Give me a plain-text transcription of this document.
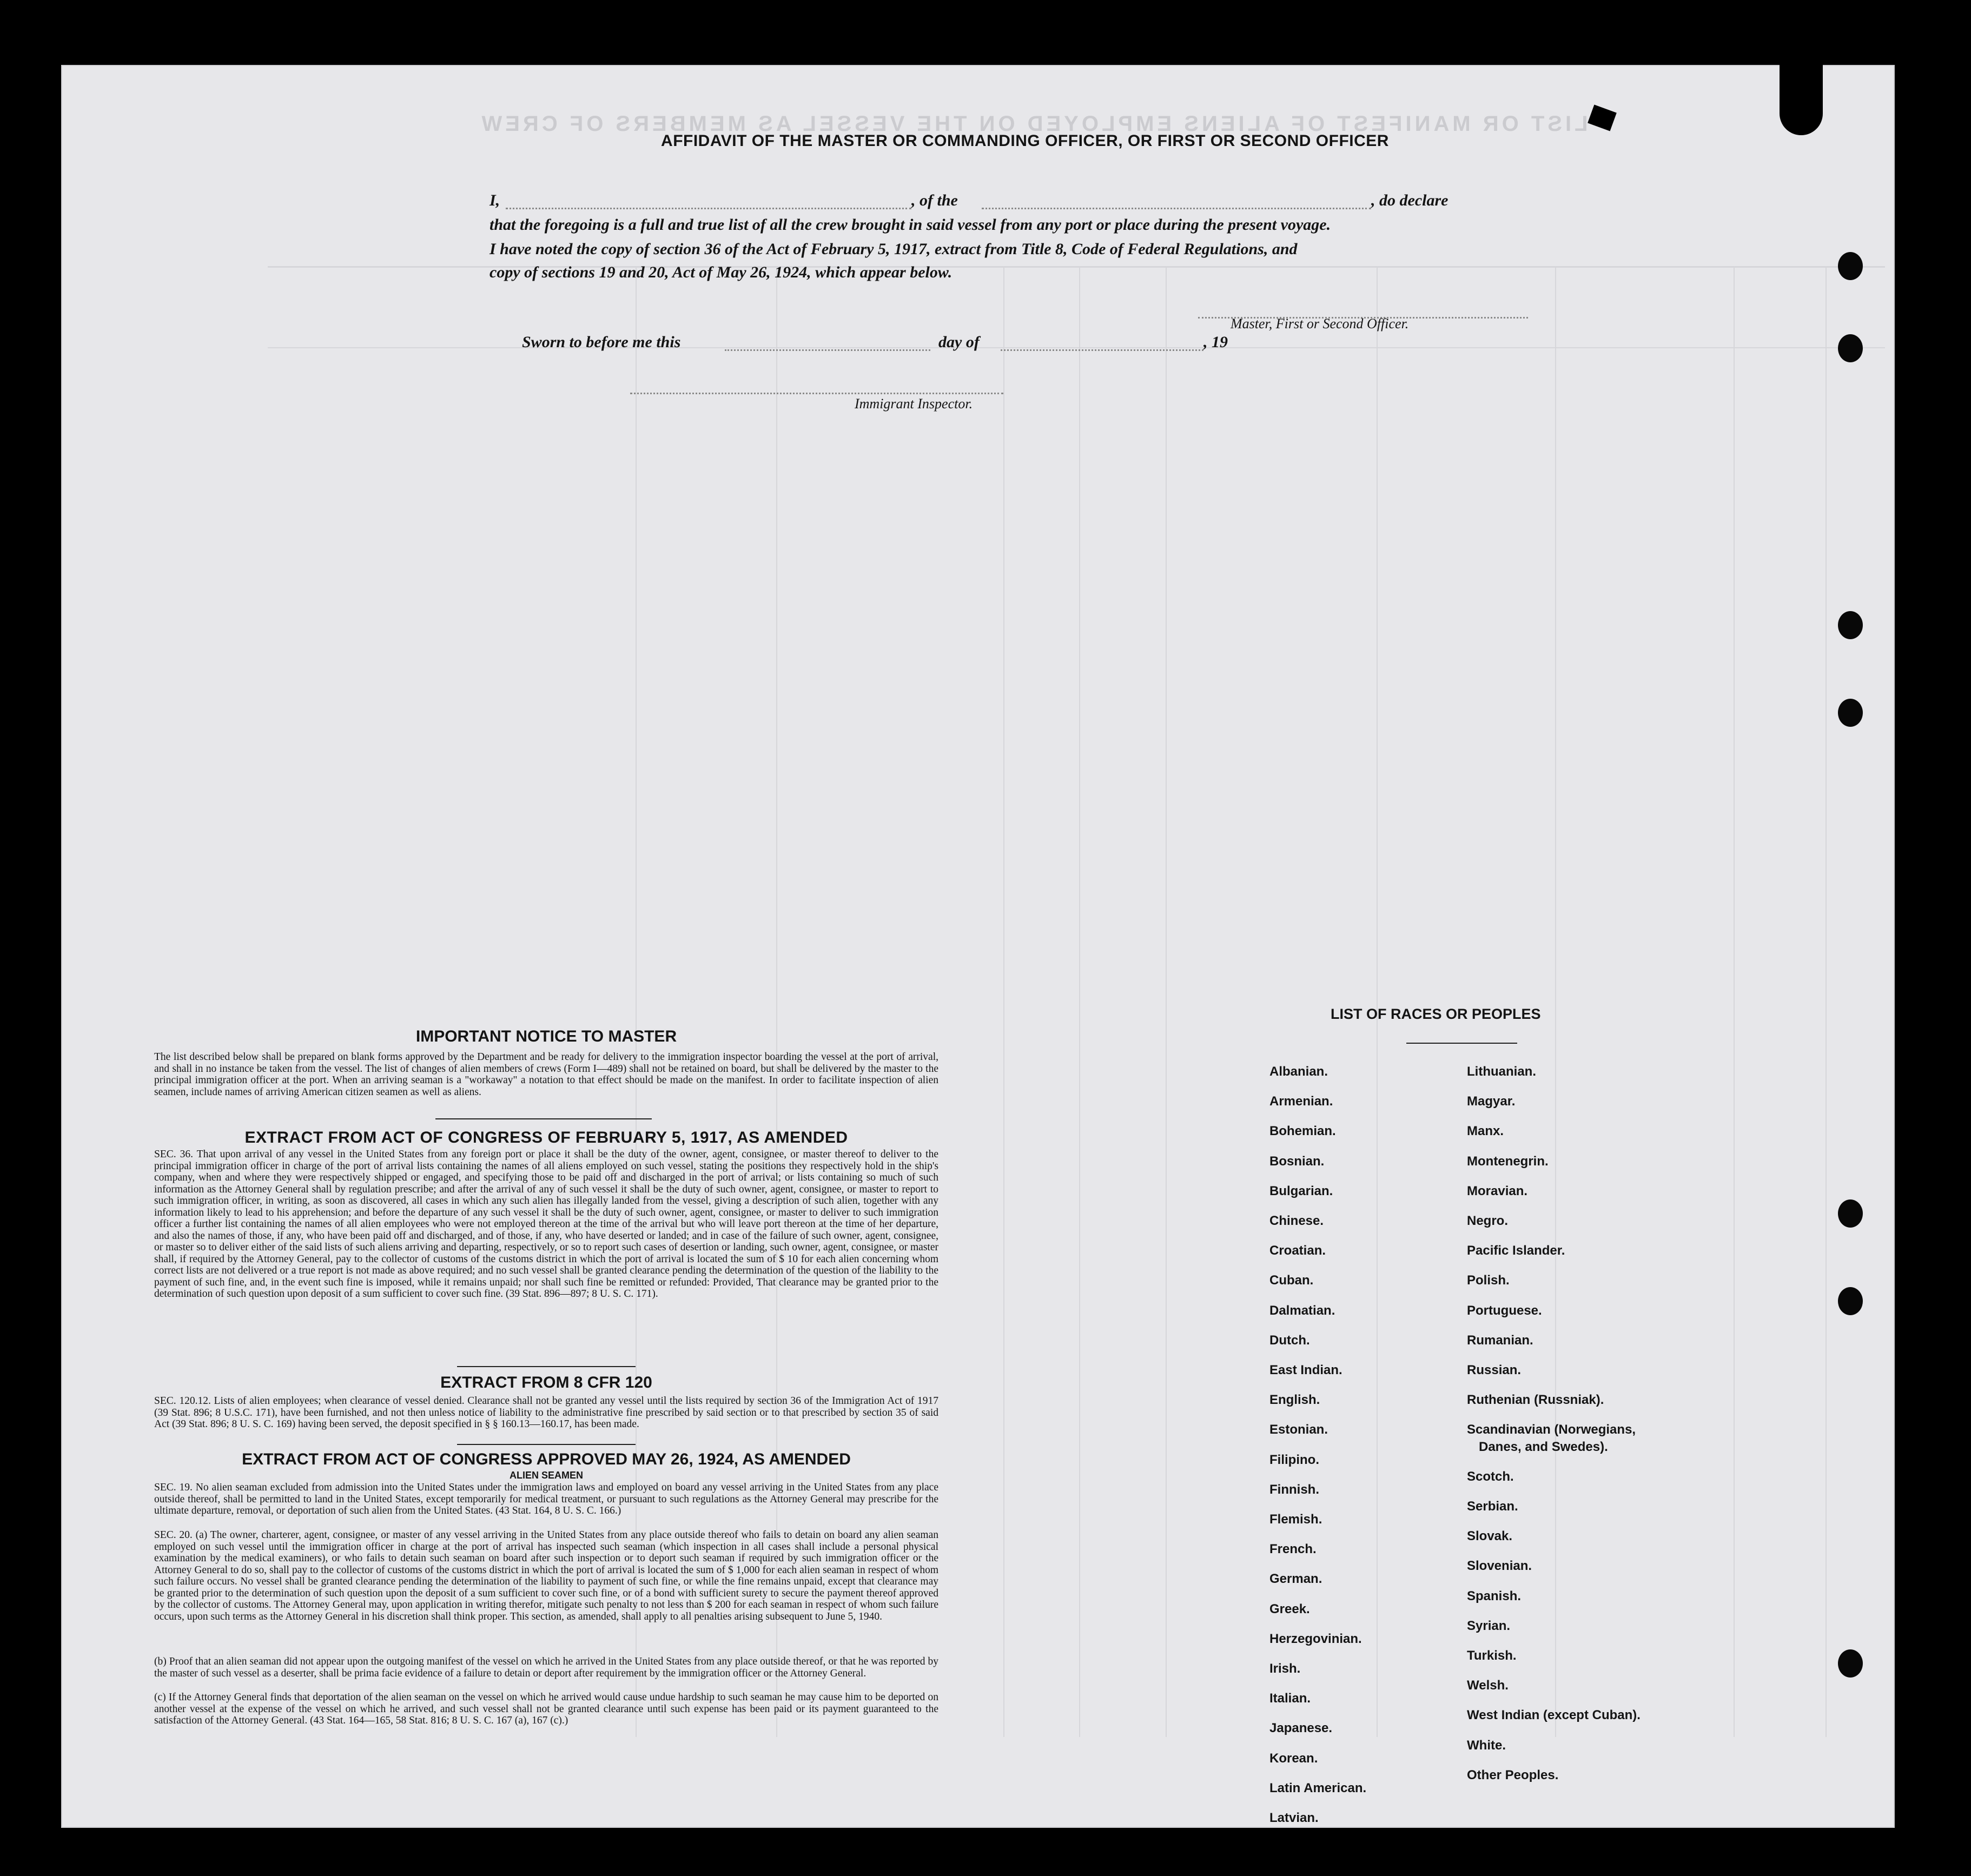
LIST OR MANIFEST OF ALIENS EMPLOYED ON THE VESSEL AS MEMBERS OF CREW
AFFIDAVIT OF THE MASTER OR COMMANDING OFFICER, OR FIRST OR SECOND OFFICER
I,	, of the	, do declare
that the foregoing is a full and true list of all the crew brought in said vessel from any port or place during the present voyage.
I have noted the copy of section 36 of the Act of February 5, 1917, extract from Title 8, Code of Federal Regulations, and
copy of sections 19 and 20, Act of May 26, 1924, which appear below.
Master, First or Second Officer.
Sworn to before me this	day of	, 19
Immigrant Inspector.
IMPORTANT NOTICE TO MASTER
The list described below shall be prepared on blank forms approved by the Department and be ready for delivery to the immigration inspector boarding the vessel at the port of arrival, and shall in no instance be taken from the vessel. The list of changes of alien members of crews (Form I—489) shall not be retained on board, but shall be delivered by the master to the principal immigration officer at the port. When an arriving seaman is a "workaway" a notation to that effect should be made on the manifest. In order to facilitate inspection of alien seamen, include names of arriving American citizen seamen as well as aliens.
EXTRACT FROM ACT OF CONGRESS OF FEBRUARY 5, 1917, AS AMENDED
SEC. 36. That upon arrival of any vessel in the United States from any foreign port or place it shall be the duty of the owner, agent, consignee, or master thereof to deliver to the principal immigration officer in charge of the port of arrival lists containing the names of all aliens employed on such vessel, stating the positions they respectively hold in the ship's company, when and where they were respectively shipped or engaged, and specifying those to be paid off and discharged in the port of arrival; or lists containing so much of such information as the Attorney General shall by regulation prescribe; and after the arrival of any of such vessel it shall be the duty of such owner, agent, consignee, or master to report to such immigration officer, in writing, as soon as discovered, all cases in which any such alien has illegally landed from the vessel, giving a description of such alien, together with any information likely to lead to his apprehension; and before the departure of any such vessel it shall be the duty of such owner, agent, consignee, or master to deliver to such immigration officer a further list containing the names of all alien employees who were not employed thereon at the time of the arrival but who will leave port thereon at the time of her departure, and also the names of those, if any, who have been paid off and discharged, and of those, if any, who have deserted or landed; and in case of the failure of such owner, agent, consignee, or master so to deliver either of the said lists of such aliens arriving and departing, respectively, or so to report such cases of desertion or landing, such owner, agent, consignee, or master shall, if required by the Attorney General, pay to the collector of customs of the customs district in which the port of arrival is located the sum of $ 10 for each alien concerning whom correct lists are not delivered or a true report is not made as above required; and no such vessel shall be granted clearance pending the determination of the question of the liability to the payment of such fine, and, in the event such fine is imposed, while it remains unpaid; nor shall such fine be remitted or refunded: Provided, That clearance may be granted prior to the determination of such question upon deposit of a sum sufficient to cover such fine. (39 Stat. 896—897; 8 U. S. C. 171).
EXTRACT FROM 8 CFR 120
SEC. 120.12. Lists of alien employees; when clearance of vessel denied. Clearance shall not be granted any vessel until the lists required by section 36 of the Immigration Act of 1917 (39 Stat. 896; 8 U.S.C. 171), have been furnished, and not then unless notice of liability to the administrative fine prescribed by said section or to that prescribed by section 35 of said Act (39 Stat. 896; 8 U. S. C. 169) having been served, the deposit specified in § § 160.13—160.17, has been made.
EXTRACT FROM ACT OF CONGRESS APPROVED MAY 26, 1924, AS AMENDED
ALIEN SEAMEN
SEC. 19. No alien seaman excluded from admission into the United States under the immigration laws and employed on board any vessel arriving in the United States from any place outside thereof, shall be permitted to land in the United States, except temporarily for medical treatment, or pursuant to such regulations as the Attorney General may prescribe for the ultimate departure, removal, or deportation of such alien from the United States. (43 Stat. 164, 8 U. S. C. 166.)
SEC. 20. (a) The owner, charterer, agent, consignee, or master of any vessel arriving in the United States from any place outside thereof who fails to detain on board any alien seaman employed on such vessel until the immigration officer in charge at the port of arrival has inspected such seaman (which inspection in all cases shall include a personal physical examination by the medical examiners), or who fails to detain such seaman on board after such inspection or to deport such seaman if required by such immigration officer or the Attorney General to do so, shall pay to the collector of customs of the customs district in which the port of arrival is located the sum of $ 1,000 for each alien seaman in respect of whom such failure occurs. No vessel shall be granted clearance pending the determination of the liability to payment of such fine, or while the fine remains unpaid, except that clearance may be granted prior to the determination of such question upon the deposit of a sum sufficient to cover such fine, or of a bond with sufficient surety to secure the payment thereof approved by the collector of customs. The Attorney General may, upon application in writing therefor, mitigate such penalty to not less than $ 200 for each seaman in respect of whom such failure occurs, upon such terms as the Attorney General in his discretion shall think proper. This section, as amended, shall apply to all penalties arising subsequent to June 5, 1940.
(b) Proof that an alien seaman did not appear upon the outgoing manifest of the vessel on which he arrived in the United States from any place outside thereof, or that he was reported by the master of such vessel as a deserter, shall be prima facie evidence of a failure to detain or deport after requirement by the immigration officer or the Attorney General.
(c) If the Attorney General finds that deportation of the alien seaman on the vessel on which he arrived would cause undue hardship to such seaman he may cause him to be deported on another vessel at the expense of the vessel on which he arrived, and such vessel shall not be granted clearance until such expense has been paid or its payment guaranteed to the satisfaction of the Attorney General. (43 Stat. 164—165, 58 Stat. 816; 8 U. S. C. 167 (a), 167 (c).)
LIST OF RACES OR PEOPLES
Albanian.
Armenian.
Bohemian.
Bosnian.
Bulgarian.
Chinese.
Croatian.
Cuban.
Dalmatian.
Dutch.
East Indian.
English.
Estonian.
Filipino.
Finnish.
Flemish.
French.
German.
Greek.
Herzegovinian.
Irish.
Italian.
Japanese.
Korean.
Latin American.
Latvian.
Lithuanian.
Magyar.
Manx.
Montenegrin.
Moravian.
Negro.
Pacific Islander.
Polish.
Portuguese.
Rumanian.
Russian.
Ruthenian (Russniak).
Scandinavian (Norwegians,
Danes, and Swedes).
Scotch.
Serbian.
Slovak.
Slovenian.
Spanish.
Syrian.
Turkish.
Welsh.
West Indian (except Cuban).
White.
Other Peoples.
